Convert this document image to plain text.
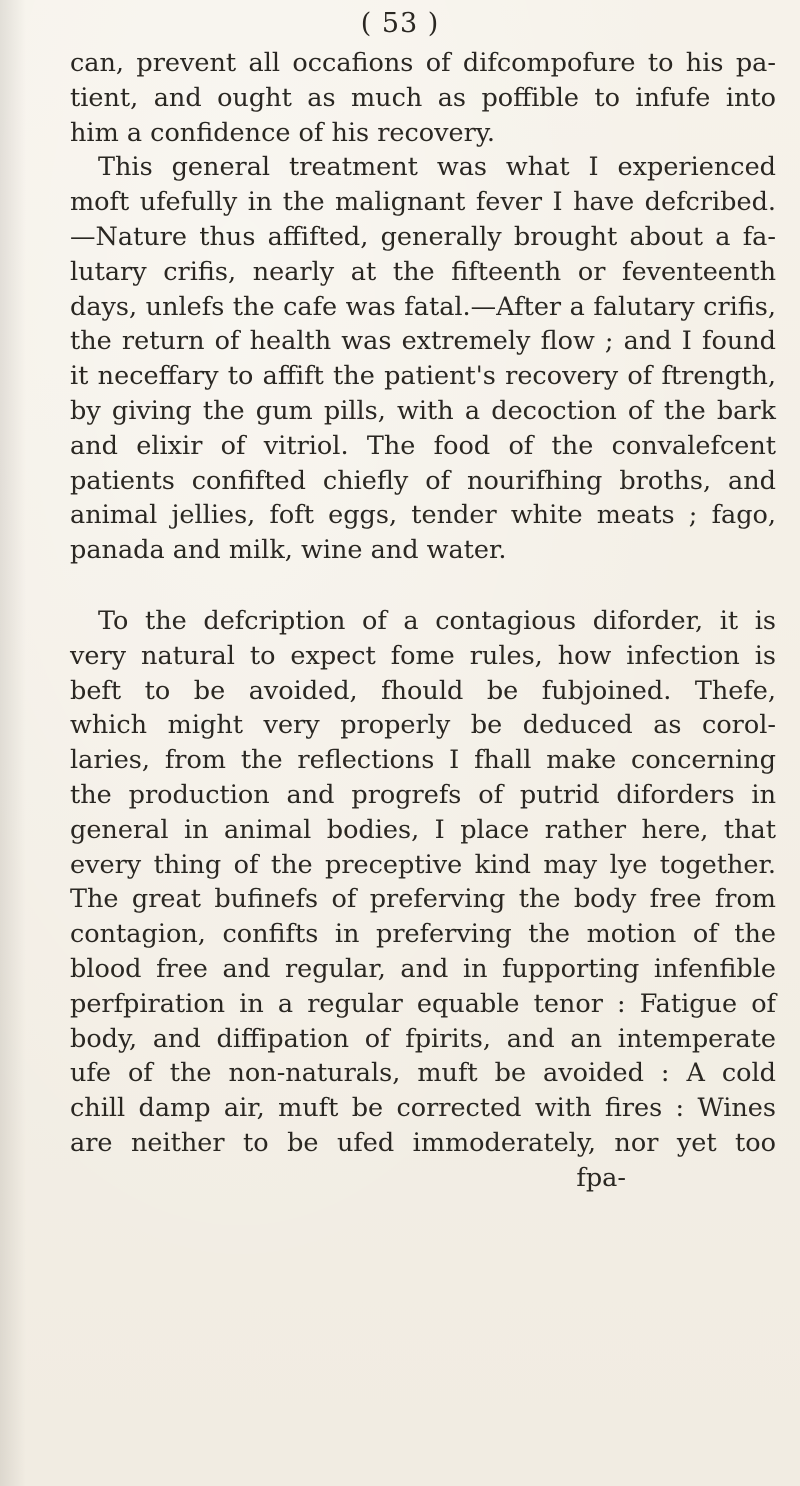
( 53 )

can, prevent all occafions of difcompofure to his pa-
tient, and ought as much as poffible to infufe into
him a confidence of his recovery.
This general treatment was what I experienced
moft ufefully in the malignant fever I have defcribed.
—Nature thus affifted, generally brought about a fa-
lutary crifis, nearly at the fifteenth or feventeenth
days, unlefs the cafe was fatal.—After a falutary crifis,
the return of health was extremely flow ; and I found
it neceffary to affift the patient's recovery of ftrength,
by giving the gum pills, with a decoction of the bark
and elixir of vitriol. The food of the convalefcent
patients confifted chiefly of nourifhing broths, and
animal jellies, foft eggs, tender white meats ; fago,
panada and milk, wine and water.

To the defcription of a contagious diforder, it is
very natural to expect fome rules, how infection is
beft to be avoided, fhould be fubjoined. Thefe,
which might very properly be deduced as corol-
laries, from the reflections I fhall make concerning
the production and progrefs of putrid diforders in
general in animal bodies, I place rather here, that
every thing of the preceptive kind may lye together.
The great bufinefs of preferving the body free from
contagion, confifts in preferving the motion of the
blood free and regular, and in fupporting infenfible
perfpiration in a regular equable tenor : Fatigue of
body, and diffipation of fpirits, and an intemperate
ufe of the non-naturals, muft be avoided : A cold
chill damp air, muft be corrected with fires : Wines
are neither to be ufed immoderately, nor yet too

fpa-
